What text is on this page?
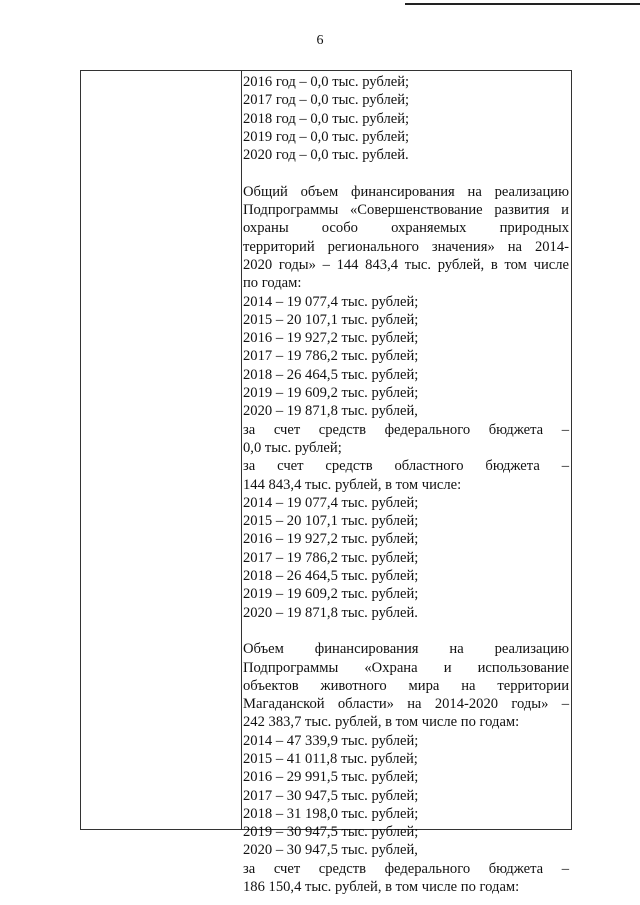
6
2016 год – 0,0 тыс. рублей;
2017 год – 0,0 тыс. рублей;
2018 год – 0,0 тыс. рублей;
2019 год – 0,0 тыс. рублей;
2020 год – 0,0 тыс. рублей.
Общий объем финансирования на реализацию
Подпрограммы «Совершенствование развития и
охраны особо охраняемых природных
территорий регионального значения» на 2014-
2020 годы» – 144 843,4 тыс. рублей, в том числе
по годам:
2014 – 19 077,4 тыс. рублей;
2015 – 20 107,1 тыс. рублей;
2016 – 19 927,2 тыс. рублей;
2017 – 19 786,2 тыс. рублей;
2018 – 26 464,5 тыс. рублей;
2019 – 19 609,2 тыс. рублей;
2020 – 19 871,8 тыс. рублей,
за счет средств федерального бюджета –
0,0 тыс. рублей;
за счет средств областного бюджета –
144 843,4 тыс. рублей, в том числе:
2014 – 19 077,4 тыс. рублей;
2015 – 20 107,1 тыс. рублей;
2016 – 19 927,2 тыс. рублей;
2017 – 19 786,2 тыс. рублей;
2018 – 26 464,5 тыс. рублей;
2019 – 19 609,2 тыс. рублей;
2020 – 19 871,8 тыс. рублей.
Объем финансирования на реализацию
Подпрограммы «Охрана и использование
объектов животного мира на территории
Магаданской области» на 2014-2020 годы» –
242 383,7 тыс. рублей, в том числе по годам:
2014 – 47 339,9 тыс. рублей;
2015 – 41 011,8 тыс. рублей;
2016 – 29 991,5 тыс. рублей;
2017 – 30 947,5 тыс. рублей;
2018 – 31 198,0 тыс. рублей;
2019 – 30 947,5 тыс. рублей;
2020 – 30 947,5 тыс. рублей,
за счет средств федерального бюджета –
186 150,4 тыс. рублей, в том числе по годам:
